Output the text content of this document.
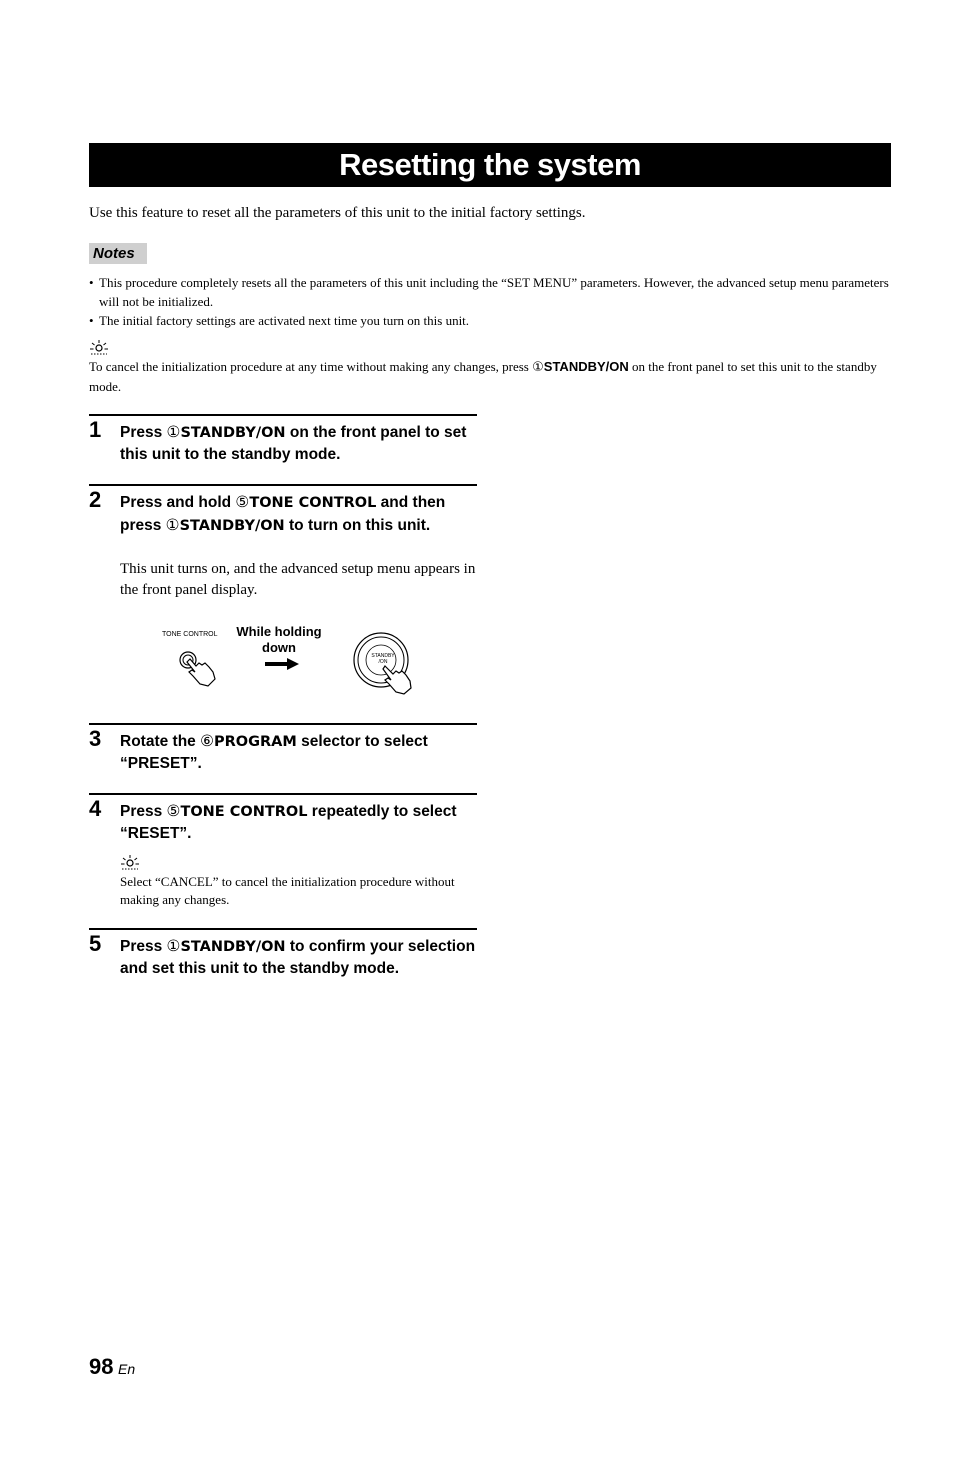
Resetting the system
Use this feature to reset all the parameters of this unit to the initial factory settings.
Notes
• This procedure completely resets all the parameters of this unit including the “SET MENU” parameters. However, the advanced setup menu parameters will not be initialized.
• The initial factory settings are activated next time you turn on this unit.
To cancel the initialization procedure at any time without making any changes, press ①STANDBY/ON on the front panel to set this unit to the standby mode.
1 Press ①STANDBY/ON on the front panel to set this unit to the standby mode.
2 Press and hold ⑤TONE CONTROL and then press ①STANDBY/ON to turn on this unit.
This unit turns on, and the advanced setup menu appears in the front panel display.
TONE CONTROL	While holding
down
STANDBY
/ON
3 Rotate the ⑥PROGRAM selector to select “PRESET”.
4 Press ⑤TONE CONTROL repeatedly to select “RESET”.
Select “CANCEL” to cancel the initialization procedure without making any changes.
5 Press ①STANDBY/ON to confirm your selection and set this unit to the standby mode.
98 En
